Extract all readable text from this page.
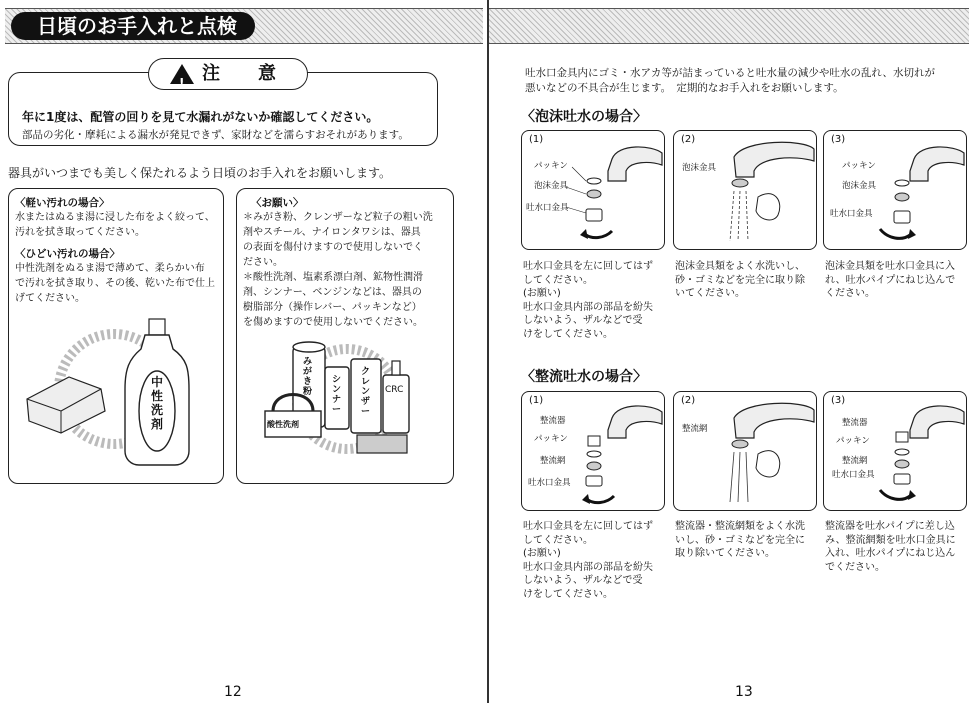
日頃のお手入れと点検
!注　意
年に1度は、配管の回りを見て水漏れがないか確認してください。
部品の劣化・摩耗による漏水が発見できず、家財などを濡らすおそれがあります。
器具がいつまでも美しく保たれるよう日頃のお手入れをお願いします。
〈軽い汚れの場合〉
水またはぬるま湯に浸した布をよく絞って、
汚れを拭き取ってください。
〈ひどい汚れの場合〉
中性洗剤をぬるま湯で薄めて、柔らかい布
で汚れを拭き取り、その後、乾いた布で仕上
げてください。
中性洗剤
〈お願い〉
＊みがき粉、クレンザーなど粒子の粗い洗
剤やスチール、ナイロンタワシは、器具
の表面を傷付けますので使用しないでく
ださい。
＊酸性洗剤、塩素系漂白剤、鉱物性潤滑
剤、シンナー、ベンジンなどは、器具の
樹脂部分（操作レバー、パッキンなど）
を傷めますので使用しないでください。
みがき粉
シンナー
クレンザー
CRC
酸性洗剤
12
吐水口金具内にゴミ・水アカ等が詰まっていると吐水量の減少や吐水の乱れ、水切れが
悪いなどの不具合が生じます。　定期的なお手入れをお願いします。
〈泡沫吐水の場合〉
(1)
パッキン
泡沫金具
吐水口金具
(2)
泡沫金具
(3)
パッキン
泡沫金具
吐水口金具
吐水口金具を左に回してはず
してください。
(お願い)
吐水口金具内部の部品を紛失
しないよう、ザルなどで受
けをしてください。
泡沫金具類をよく水洗いし、
砂・ゴミなどを完全に取り除
いてください。
泡沫金具類を吐水口金具に入
れ、吐水パイプにねじ込んで
ください。
〈整流吐水の場合〉
(1)
整流器
パッキン
整流網
吐水口金具
(2)
整流網
(3)
整流器
パッキン
整流網
吐水口金具
吐水口金具を左に回してはず
してください。
(お願い)
吐水口金具内部の部品を紛失
しないよう、ザルなどで受
けをしてください。
整流器・整流網類をよく水洗
いし、砂・ゴミなどを完全に
取り除いてください。
整流器を吐水パイプに差し込
み、整流網類を吐水口金具に
入れ、吐水パイプにねじ込ん
でください。
13
